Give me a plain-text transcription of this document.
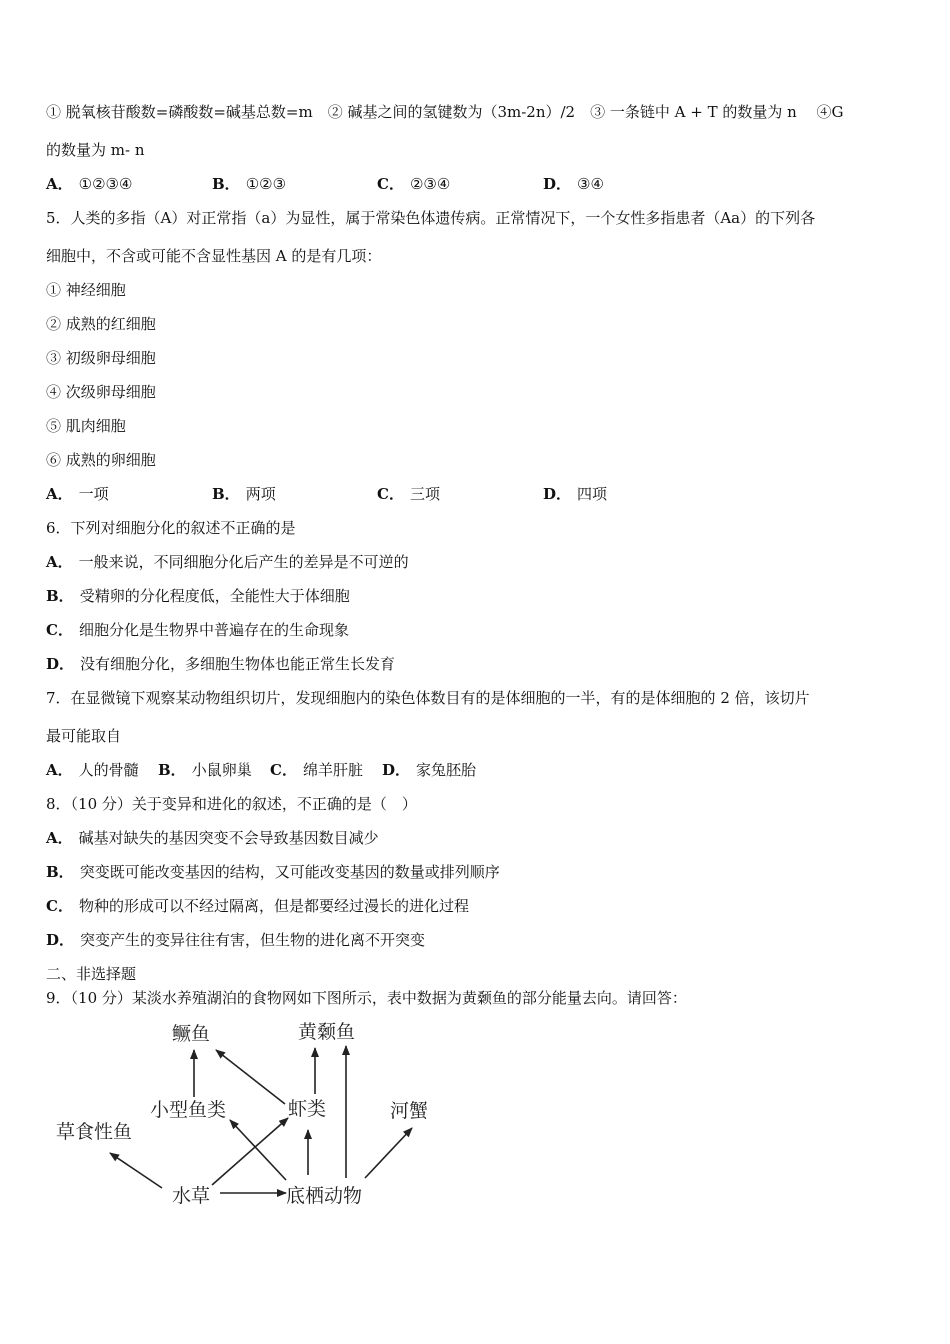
① 脱氧核苷酸数=磷酸数=碱基总数=m　② 碱基之间的氢键数为（3m-2n）/2　③ 一条链中 A + T 的数量为 n　 ④G
的数量为 m- n
A． ①②③④	B． ①②③	C． ②③④	D． ③④
5．人类的多指（A）对正常指（a）为显性，属于常染色体遗传病。正常情况下，一个女性多指患者（Aa）的下列各
细胞中，不含或可能不含显性基因 A 的是有几项：
① 神经细胞
② 成熟的红细胞
③ 初级卵母细胞
④ 次级卵母细胞
⑤ 肌肉细胞
⑥ 成熟的卵细胞
A． 一项	B． 两项	C． 三项	D． 四项
6．下列对细胞分化的叙述不正确的是
A． 一般来说，不同细胞分化后产生的差异是不可逆的
B． 受精卵的分化程度低，全能性大于体细胞
C． 细胞分化是生物界中普遍存在的生命现象
D． 没有细胞分化，多细胞生物体也能正常生长发育
7．在显微镜下观察某动物组织切片，发现细胞内的染色体数目有的是体细胞的一半，有的是体细胞的 2 倍，该切片
最可能取自
A． 人的骨髓 B． 小鼠卵巢 C． 绵羊肝脏 D． 家兔胚胎
8．（10 分）关于变异和进化的叙述，不正确的是（　）
A． 碱基对缺失的基因突变不会导致基因数目减少
B． 突变既可能改变基因的结构，又可能改变基因的数量或排列顺序
C． 物种的形成可以不经过隔离，但是都要经过漫长的进化过程
D． 突变产生的变异往往有害，但生物的进化离不开突变
二、非选择题
9．（10 分）某淡水养殖湖泊的食物网如下图所示，表中数据为黄颡鱼的部分能量去向。请回答：
鳜鱼	黄颡鱼
小型鱼类	虾类	河蟹
草食性鱼
水草	底栖动物
